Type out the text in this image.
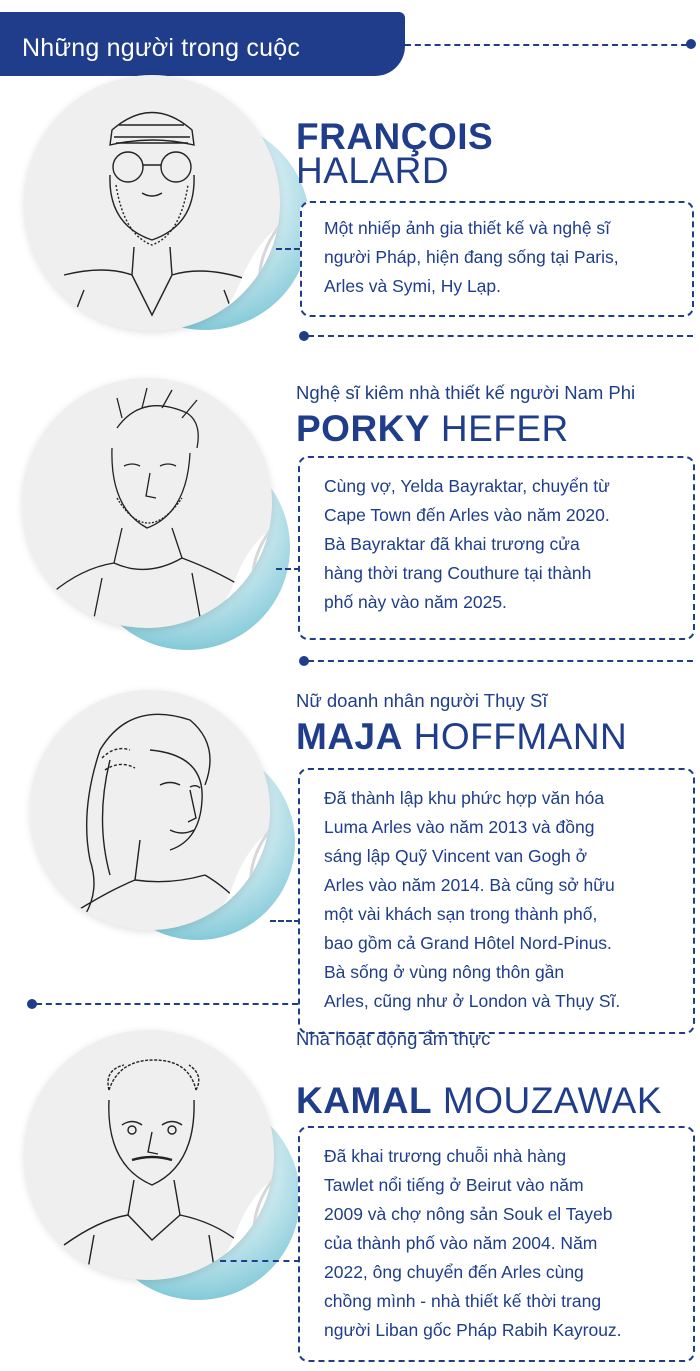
Những người trong cuộc
FRANÇOIS
HALARD
Một nhiếp ảnh gia thiết kế và nghệ sĩ
người Pháp, hiện đang sống tại Paris,
Arles và Symi, Hy Lạp.
Nghệ sĩ kiêm nhà thiết kế người Nam Phi
PORKY HEFER
Cùng vợ, Yelda Bayraktar, chuyển từ
Cape Town đến Arles vào năm 2020.
Bà Bayraktar đã khai trương cửa
hàng thời trang Couthure tại thành
phố này vào năm 2025.
Nữ doanh nhân người Thụy Sĩ
MAJA HOFFMANN
Đã thành lập khu phức hợp văn hóa
Luma Arles vào năm 2013 và đồng
sáng lập Quỹ Vincent van Gogh ở
Arles vào năm 2014. Bà cũng sở hữu
một vài khách sạn trong thành phố,
bao gồm cả Grand Hôtel Nord-Pinus.
Bà sống ở vùng nông thôn gần
Arles, cũng như ở London và Thụy Sĩ.
Nhà hoạt động ẩm thực
KAMAL MOUZAWAK
Đã khai trương chuỗi nhà hàng
Tawlet nổi tiếng ở Beirut vào năm
2009 và chợ nông sản Souk el Tayeb
của thành phố vào năm 2004. Năm
2022, ông chuyển đến Arles cùng
chồng mình - nhà thiết kế thời trang
người Liban gốc Pháp Rabih Kayrouz.
